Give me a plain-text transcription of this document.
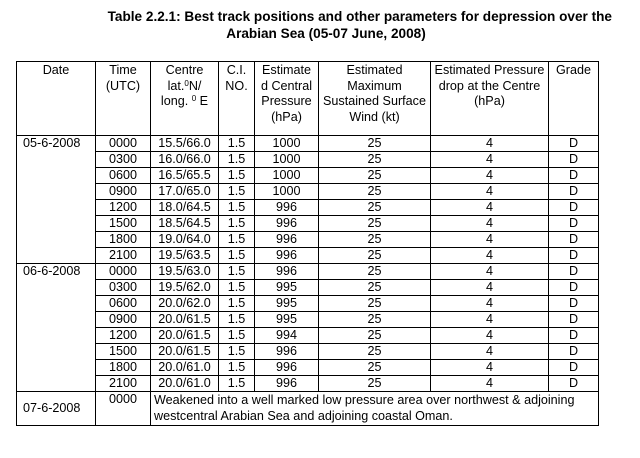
Table 2.2.1: Best track positions and other parameters for depression over the
Arabian Sea (05-07 June, 2008)
Date	Time (UTC)	Centre lat.$^0$N/ long. $^0$ E	C.I. NO.	Estimate d Central Pressure (hPa)	Estimated Maximum Sustained Surface Wind (kt)	Estimated Pressure drop at the Centre (hPa)	Grade
05-6-2008	0000	15.5/66.0	1.5	1000	25	4	D
	0300	16.0/66.0	1.5	1000	25	4	D
	0600	16.5/65.5	1.5	1000	25	4	D
	0900	17.0/65.0	1.5	1000	25	4	D
	1200	18.0/64.5	1.5	996	25	4	D
	1500	18.5/64.5	1.5	996	25	4	D
	1800	19.0/64.0	1.5	996	25	4	D
	2100	19.5/63.5	1.5	996	25	4	D
06-6-2008	0000	19.5/63.0	1.5	996	25	4	D
	0300	19.5/62.0	1.5	995	25	4	D
	0600	20.0/62.0	1.5	995	25	4	D
	0900	20.0/61.5	1.5	995	25	4	D
	1200	20.0/61.5	1.5	994	25	4	D
	1500	20.0/61.5	1.5	996	25	4	D
	1800	20.0/61.0	1.5	996	25	4	D
	2100	20.0/61.0	1.5	996	25	4	D
07-6-2008	0000	Weakened into a well marked low pressure area over northwest & adjoining westcentral Arabian Sea and adjoining coastal Oman.					
